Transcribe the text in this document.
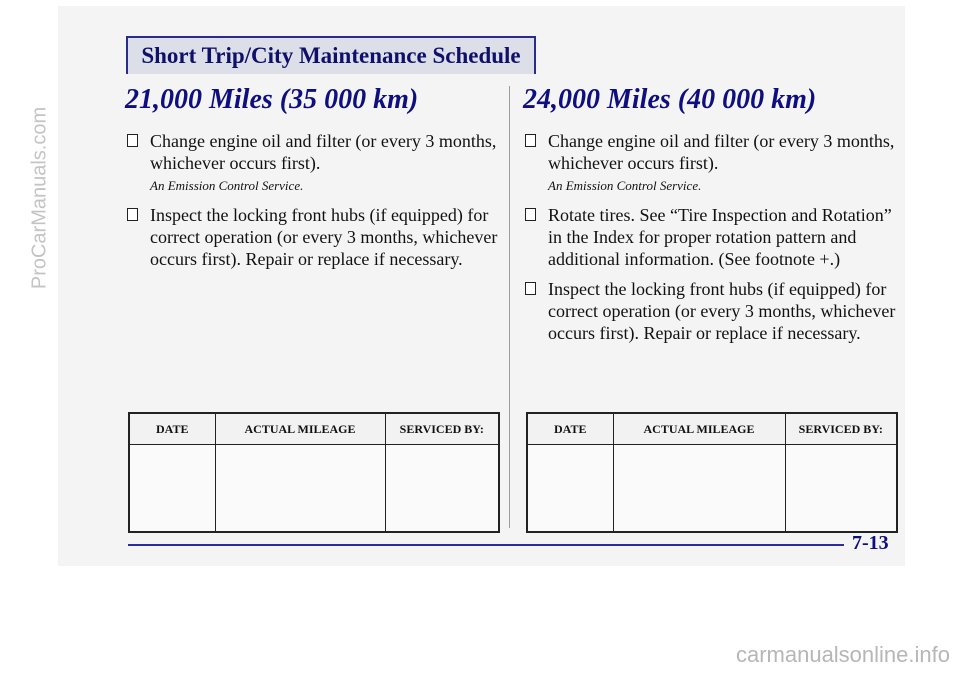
ProCarManuals.com
Short Trip/City Maintenance Schedule
21,000 Miles (35 000 km)
Change engine oil and filter (or every 3 months, whichever occurs first).
An Emission Control Service.
Inspect the locking front hubs (if equipped) for correct operation (or every 3 months, whichever occurs first). Repair or replace if necessary.
24,000 Miles (40 000 km)
Change engine oil and filter (or every 3 months, whichever occurs first).
An Emission Control Service.
Rotate tires. See “Tire Inspection and Rotation” in the Index for proper rotation pattern and additional information. (See footnote +.)
Inspect the locking front hubs (if equipped) for correct operation (or every 3 months, whichever occurs first). Repair or replace if necessary.
DATE	ACTUAL MILEAGE	SERVICED BY:
			DATE	ACTUAL MILEAGE	SERVICED BY:

7-13
carmanualsonline.info
